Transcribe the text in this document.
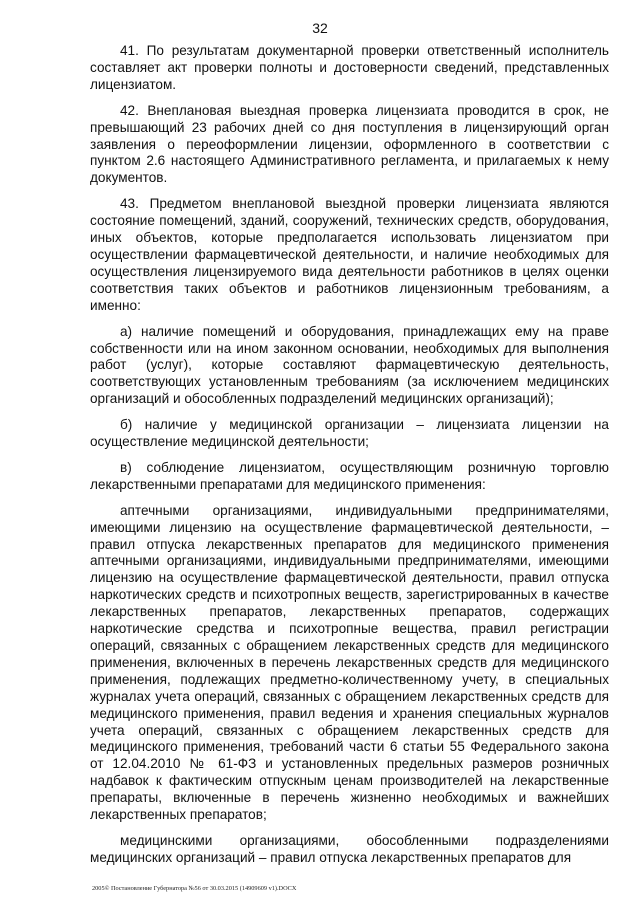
32

41. По результатам документарной проверки ответственный исполнитель составляет акт проверки полноты и достоверности сведений, представленных лицензиатом.

42. Внеплановая выездная проверка лицензиата проводится в срок, не превышающий 23 рабочих дней со дня поступления в лицензирующий орган заявления о переоформлении лицензии, оформленного в соответствии с пунктом 2.6 настоящего Административного регламента, и прилагаемых к нему документов.

43. Предметом внеплановой выездной проверки лицензиата являются состояние помещений, зданий, сооружений, технических средств, оборудования, иных объектов, которые предполагается использовать лицензиатом при осуществлении фармацевтической деятельности, и наличие необходимых для осуществления лицензируемого вида деятельности работников в целях оценки соответствия таких объектов и работников лицензионным требованиям, а именно:

а) наличие помещений и оборудования, принадлежащих ему на праве собственности или на ином законном основании, необходимых для выполнения работ (услуг), которые составляют фармацевтическую деятельность, соответствующих установленным требованиям (за исключением медицинских организаций и обособленных подразделений медицинских организаций);

б) наличие у медицинской организации – лицензиата лицензии на осуществление медицинской деятельности;

в) соблюдение лицензиатом, осуществляющим розничную торговлю лекарственными препаратами для медицинского применения:

аптечными организациями, индивидуальными предпринимателями, имеющими лицензию на осуществление фармацевтической деятельности, – правил отпуска лекарственных препаратов для медицинского применения аптечными организациями, индивидуальными предпринимателями, имеющими лицензию на осуществление фармацевтической деятельности, правил отпуска наркотических средств и психотропных веществ, зарегистрированных в качестве лекарственных препаратов, лекарственных препаратов, содержащих наркотические средства и психотропные вещества, правил регистрации операций, связанных с обращением лекарственных средств для медицинского применения, включенных в перечень лекарственных средств для медицинского применения, подлежащих предметно-количественному учету, в специальных журналах учета операций, связанных с обращением лекарственных средств для медицинского применения, правил ведения и хранения специальных журналов учета операций, связанных с обращением лекарственных средств для медицинского применения, требований части 6 статьи 55 Федерального закона от 12.04.2010 № 61-ФЗ и установленных предельных размеров розничных надбавок к фактическим отпускным ценам производителей на лекарственные препараты, включенные в перечень жизненно необходимых и важнейших лекарственных препаратов;

медицинскими организациями, обособленными подразделениями медицинских организаций – правил отпуска лекарственных препаратов для

2005© Постановление Губернатора №56 от 30.03.2015 (14909609 v1).DOCX
